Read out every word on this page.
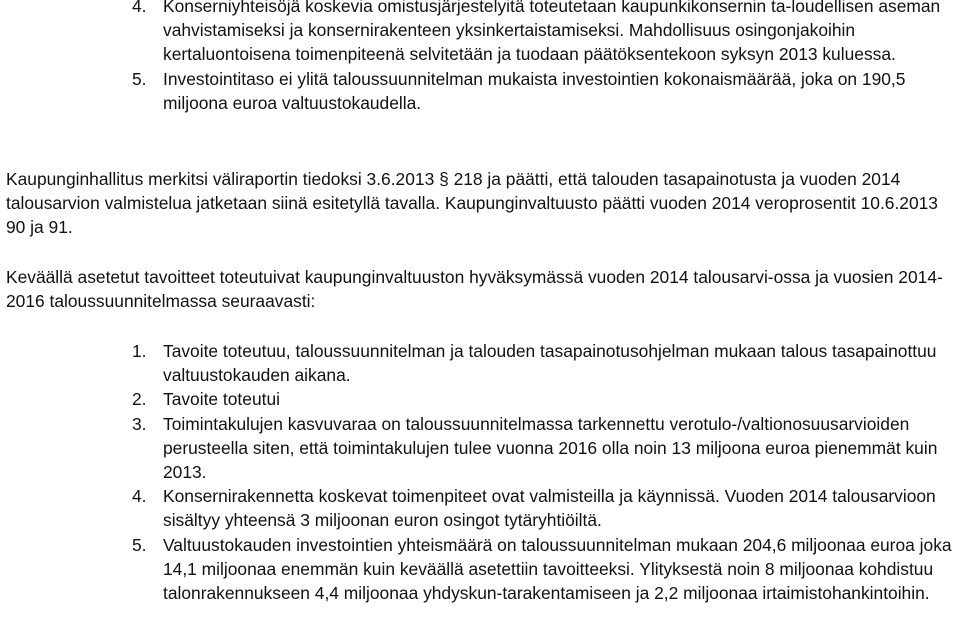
4. Konserniyhteisöjä koskevia omistusjärjestelyitä toteutetaan kaupunkikonsernin ta-loudellisen aseman vahvistamiseksi ja konsernirakenteen yksinkertaistamiseksi. Mahdollisuus osingonjakoihin kertaluontoisena toimenpiteenä selvitetään ja tuodaan päätöksentekoon syksyn 2013 kuluessa.
5. Investointitaso ei ylitä taloussuunnitelman mukaista investointien kokonaismäärää, joka on 190,5 miljoona euroa valtuustokaudella.
Kaupunginhallitus merkitsi väliraportin tiedoksi 3.6.2013 § 218 ja päätti, että talouden tasapainotusta ja vuoden 2014 talousarvion valmistelua jatketaan siinä esitetyllä tavalla. Kaupunginvaltuusto päätti vuoden 2014 veroprosentit 10.6.2013 90 ja 91.
Keväällä asetetut tavoitteet toteutuivat kaupunginvaltuuston hyväksymässä vuoden 2014 talousarvi-ossa ja vuosien 2014-2016 taloussuunnitelmassa seuraavasti:
1. Tavoite toteutuu, taloussuunnitelman ja talouden tasapainotusohjelman mukaan talous tasapainottuu valtuustokauden aikana.
2. Tavoite toteutui
3. Toimintakulujen kasvuvaraa on taloussuunnitelmassa tarkennettu verotulo-/valtionosuusarvioiden perusteella siten, että toimintakulujen tulee vuonna 2016 olla noin 13 miljoona euroa pienemmät kuin 2013.
4. Konsernirakennetta koskevat toimenpiteet ovat valmisteilla ja käynnissä. Vuoden 2014 talousarvioon sisältyy yhteensä 3 miljoonan euron osingot tytäryhtiöiltä.
5. Valtuustokauden investointien yhteismäärä on taloussuunnitelman mukaan 204,6 miljoonaa euroa joka 14,1 miljoonaa enemmän kuin keväällä asetettiin tavoitteeksi. Ylityksestä noin 8 miljoonaa kohdistuu talonrakennukseen 4,4 miljoonaa yhdyskun-tarakentamiseen ja 2,2 miljoonaa irtaimistohankintoihin.
